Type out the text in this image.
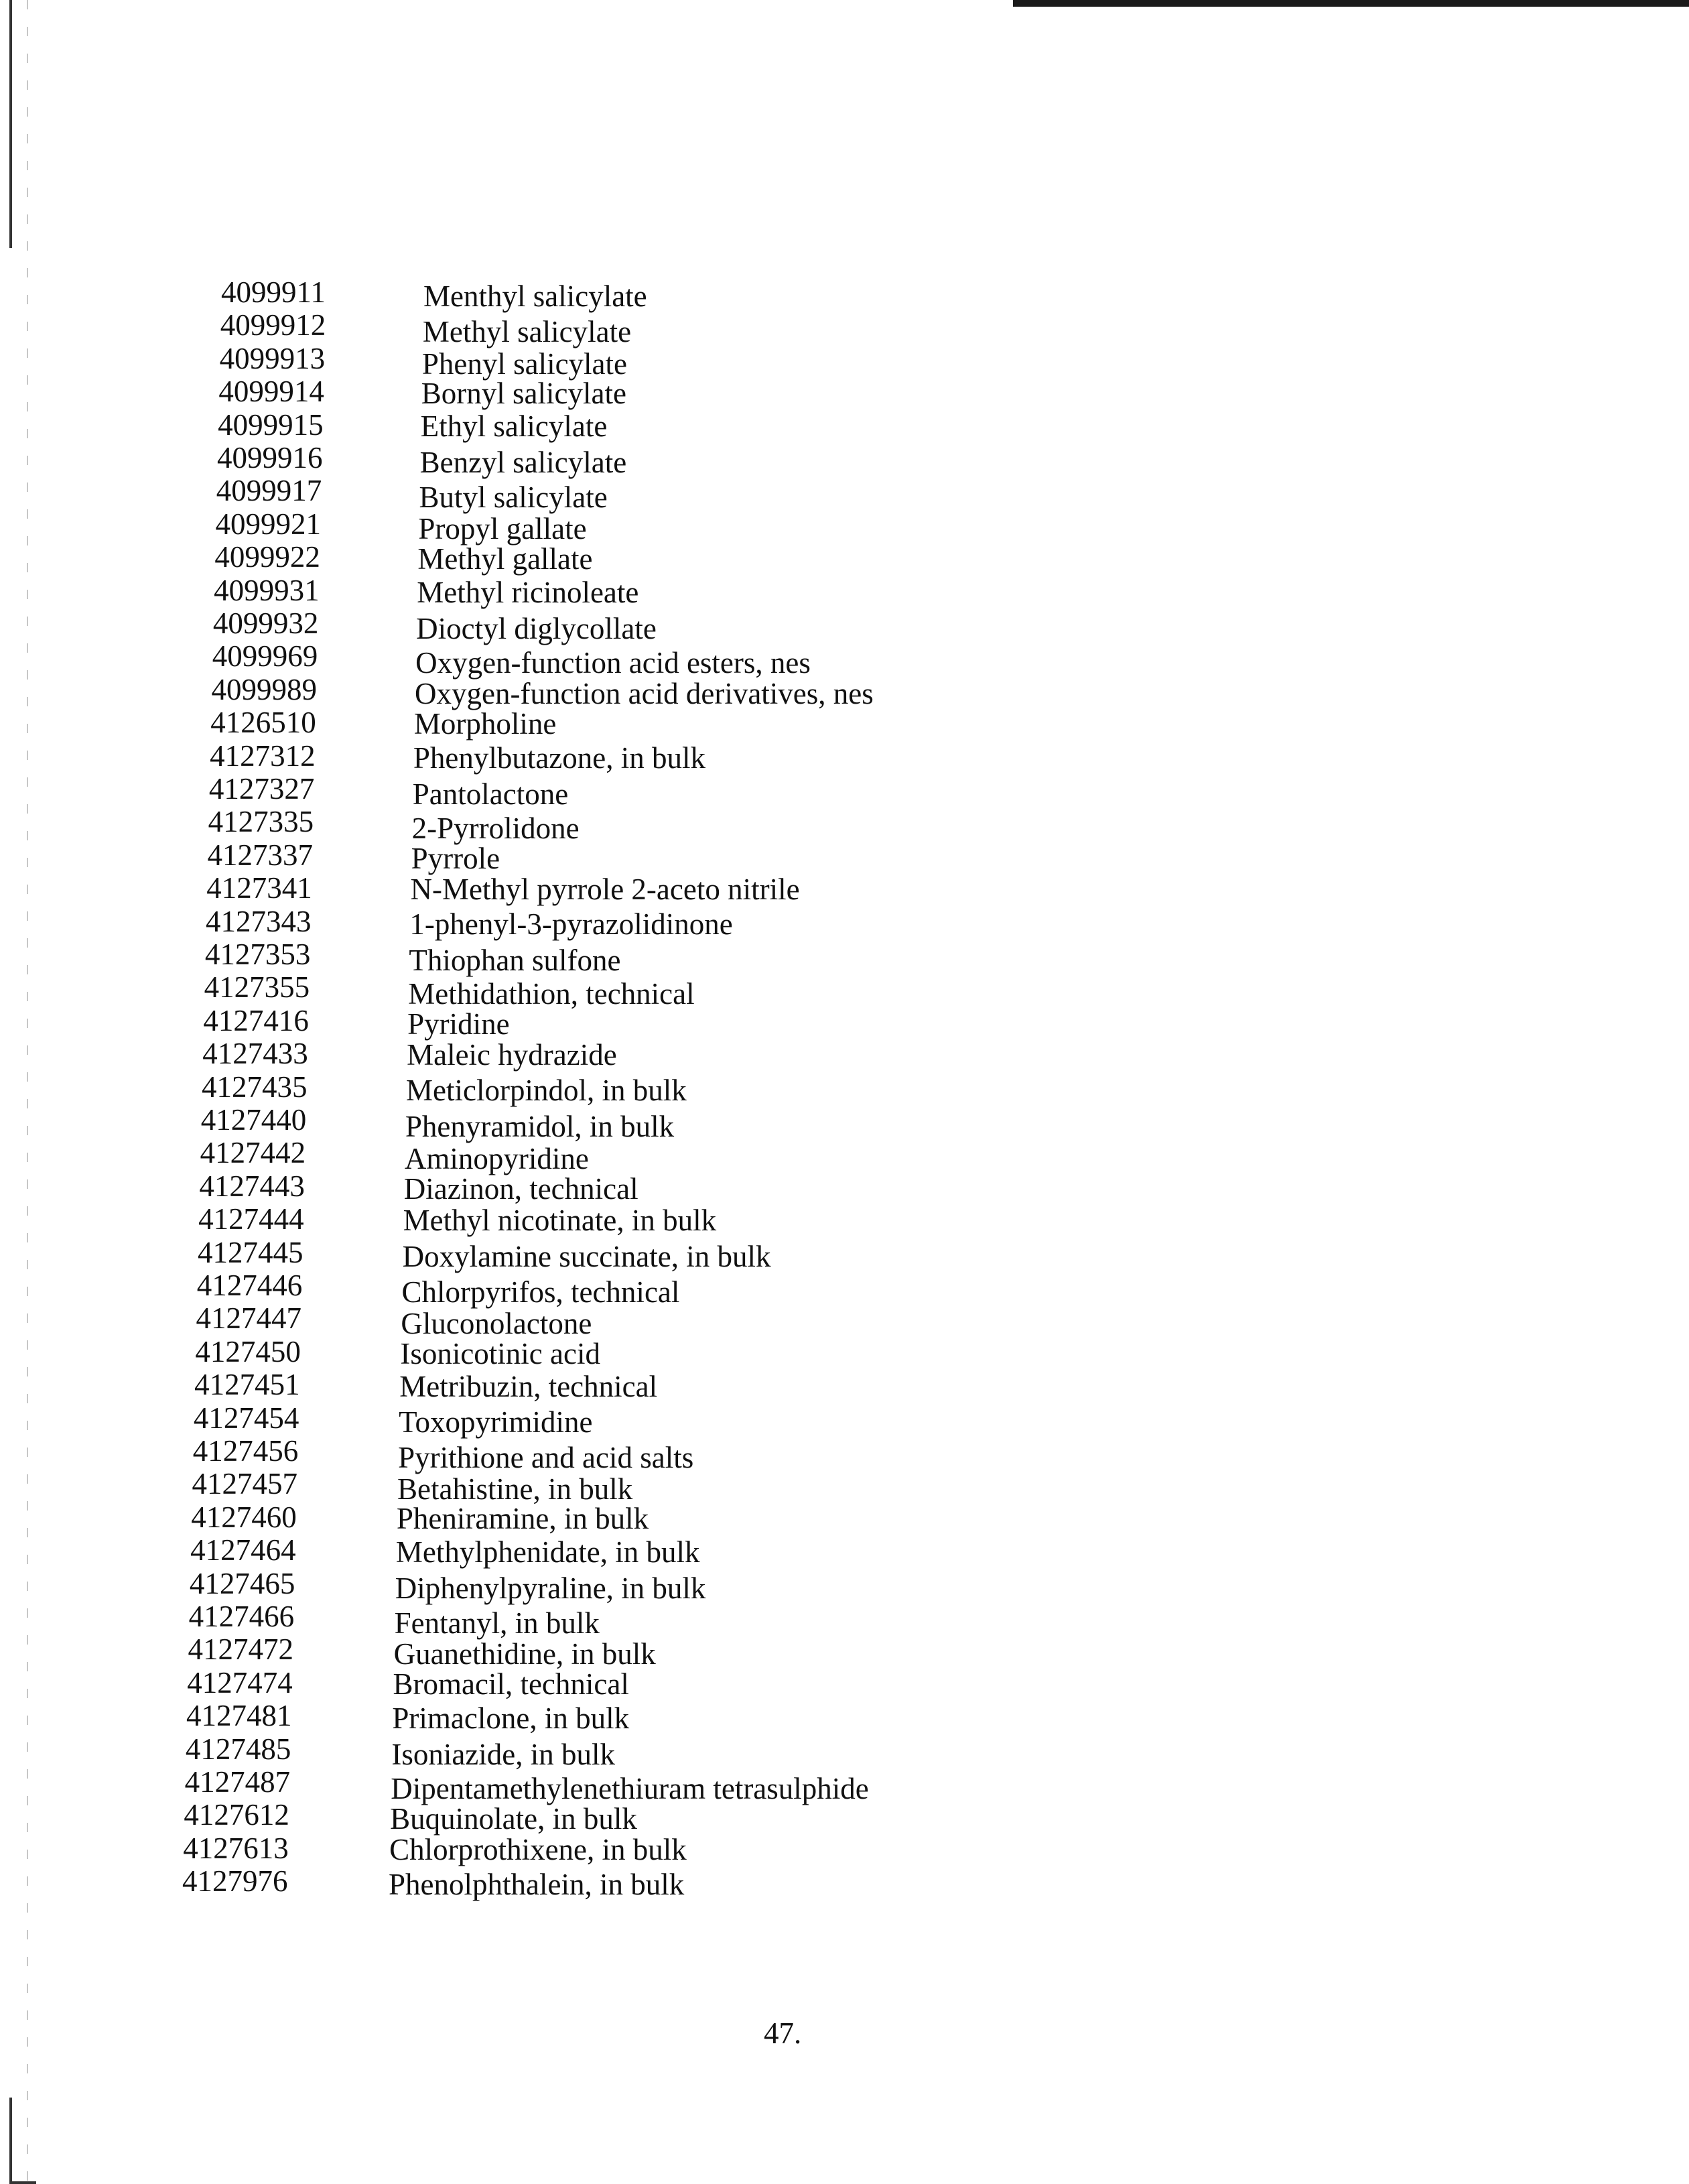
4099911	Menthyl salicylate
4099912	Methyl salicylate
4099913	Phenyl salicylate
4099914	Bornyl salicylate
4099915	Ethyl salicylate
4099916	Benzyl salicylate
4099917	Butyl salicylate
4099921	Propyl gallate
4099922	Methyl gallate
4099931	Methyl ricinoleate
4099932	Dioctyl diglycollate
4099969	Oxygen-function acid esters, nes
4099989	Oxygen-function acid derivatives, nes
4126510	Morpholine
4127312	Phenylbutazone, in bulk
4127327	Pantolactone
4127335	2-Pyrrolidone
4127337	Pyrrole
4127341	N-Methyl pyrrole 2-aceto nitrile
4127343	1-phenyl-3-pyrazolidinone
4127353	Thiophan sulfone
4127355	Methidathion, technical
4127416	Pyridine
4127433	Maleic hydrazide
4127435	Meticlorpindol, in bulk
4127440	Phenyramidol, in bulk
4127442	Aminopyridine
4127443	Diazinon, technical
4127444	Methyl nicotinate, in bulk
4127445	Doxylamine succinate, in bulk
4127446	Chlorpyrifos, technical
4127447	Gluconolactone
4127450	Isonicotinic acid
4127451	Metribuzin, technical
4127454	Toxopyrimidine
4127456	Pyrithione and acid salts
4127457	Betahistine, in bulk
4127460	Pheniramine, in bulk
4127464	Methylphenidate, in bulk
4127465	Diphenylpyraline, in bulk
4127466	Fentanyl, in bulk
4127472	Guanethidine, in bulk
4127474	Bromacil, technical
4127481	Primaclone, in bulk
4127485	Isoniazide, in bulk
4127487	Dipentamethylenethiuram tetrasulphide
4127612	Buquinolate, in bulk
4127613	Chlorprothixene, in bulk
4127976	Phenolphthalein, in bulk
47.
